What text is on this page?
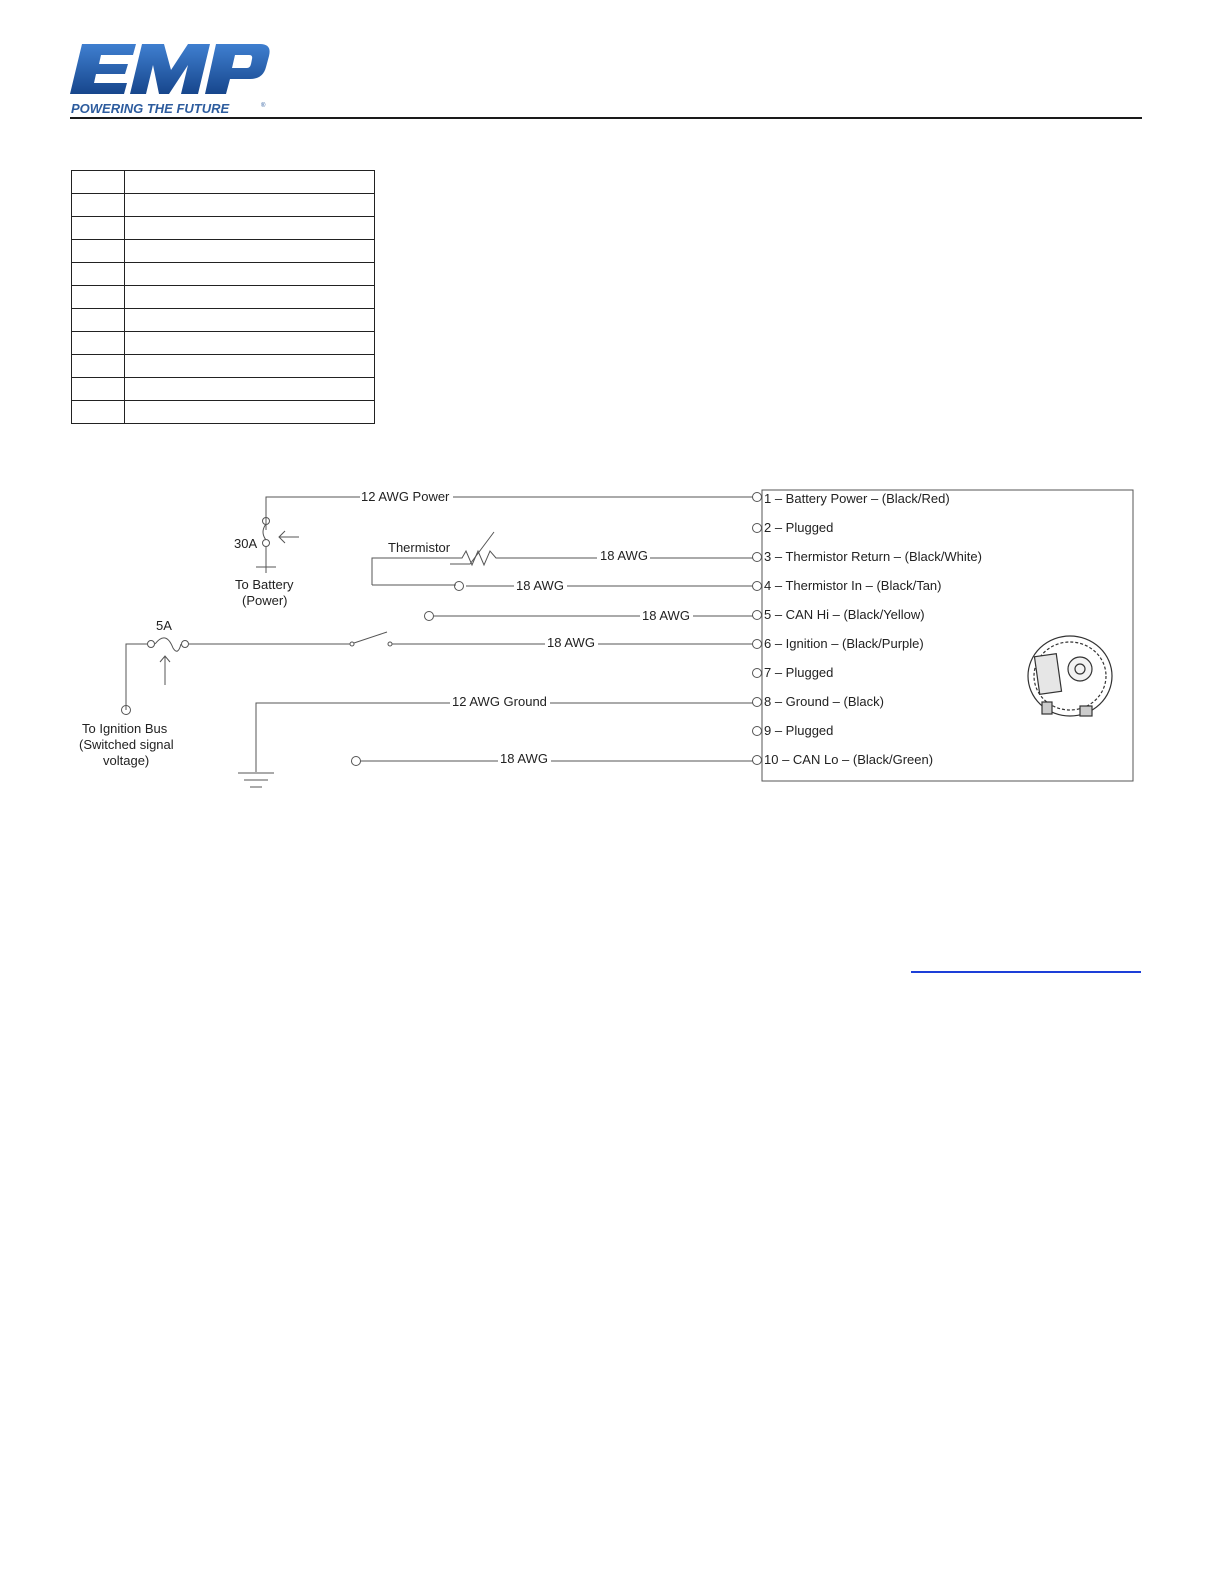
POWERING THE FUTURE	®

12 AWG Power
30A
To Battery
(Power)
Thermistor
18 AWG
18 AWG
18 AWG
5A
18 AWG
12 AWG Ground
18 AWG
To Ignition Bus
(Switched signal
voltage)
1 – Battery Power – (Black/Red)
2 – Plugged
3 – Thermistor Return – (Black/White)
4 – Thermistor In – (Black/Tan)
5 – CAN Hi – (Black/Yellow)
6 – Ignition – (Black/Purple)
7 – Plugged
8 – Ground – (Black)
9 – Plugged
10 – CAN Lo – (Black/Green)
